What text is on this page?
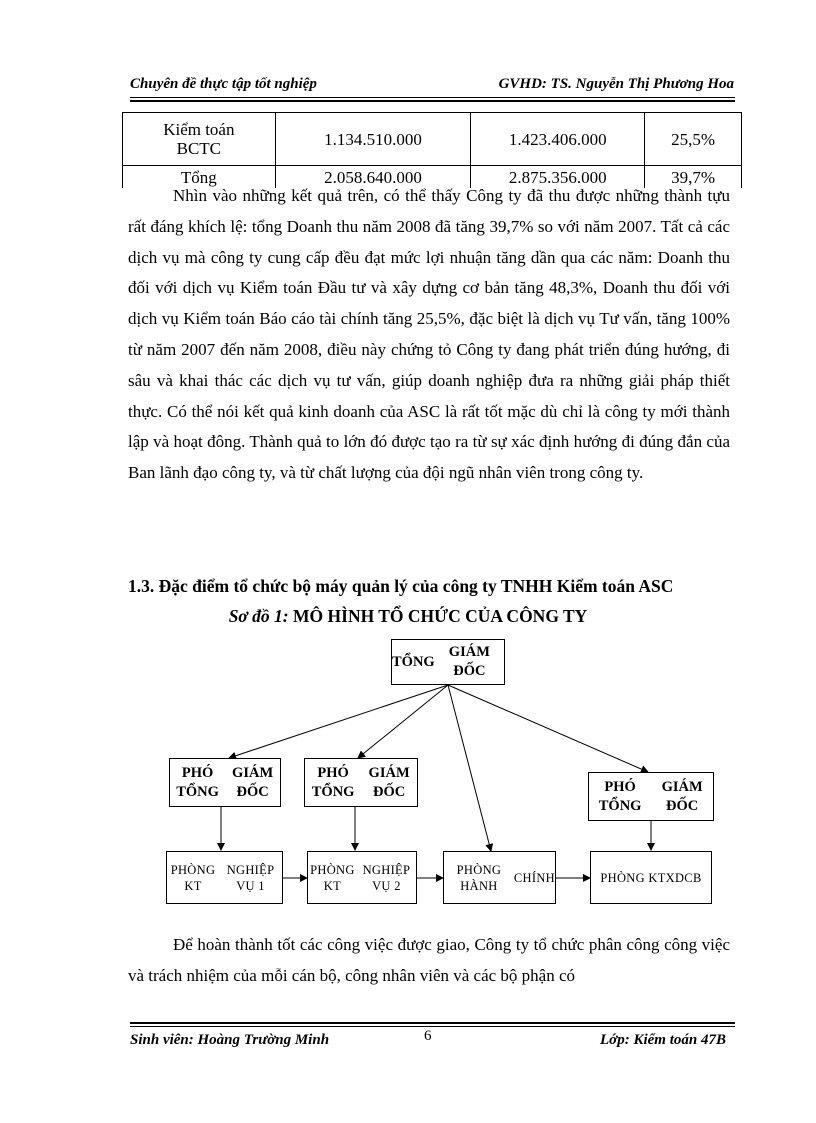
Chuyên đề thực tập tốt nghiệp	GVHD: TS. Nguyễn Thị Phương Hoa
Kiểm toán
BCTC	1.134.510.000	1.423.406.000	25,5%
Tổng	2.058.640.000	2.875.356.000	39,7%
Nhìn vào những kết quả trên, có thể thấy Công ty đã thu được những thành tựu rất đáng khích lệ: tổng Doanh thu năm 2008 đã tăng 39,7% so với năm 2007. Tất cả các dịch vụ mà công ty cung cấp đều đạt mức lợi nhuận tăng dần qua các năm: Doanh thu đối với dịch vụ Kiểm toán Đầu tư và xây dựng cơ bản tăng 48,3%, Doanh thu đối với dịch vụ Kiểm toán Báo cáo tài chính tăng 25,5%, đặc biệt là dịch vụ Tư vấn, tăng 100% từ năm 2007 đến năm 2008, điều này chứng tỏ Công ty đang phát triển đúng hướng, đi sâu và khai thác các dịch vụ tư vấn, giúp doanh nghiệp đưa ra những giải pháp thiết thực. Có thể nói kết quả kinh doanh của ASC là rất tốt mặc dù chỉ là công ty mới thành lập và hoạt đông. Thành quả to lớn đó được tạo ra từ sự xác định hướng đi đúng đắn của Ban lãnh đạo công ty, và từ chất lượng của đội ngũ nhân viên trong công ty.
1.3. Đặc điểm tổ chức bộ máy quản lý của công ty TNHH Kiểm toán ASC
Sơ đồ 1: MÔ HÌNH TỔ CHỨC CỦA CÔNG TY
TỔNG
GIÁM ĐỐC
PHÓ TỔNG
GIÁM ĐỐC
PHÓ TỔNG
GIÁM ĐỐC	PHÓ TỔNG
GIÁM ĐỐC
PHÒNG KT
NGHIỆP VỤ 1
PHÒNG KT
NGHIỆP VỤ 2
PHÒNG HÀNH
CHÍNH	PHÒNG KT XDCB
Để hoàn thành tốt các công việc được giao, Công ty tổ chức phân công công việc và trách nhiệm của mỗi cán bộ, công nhân viên và các bộ phận có
Sinh viên: Hoàng Trường Minh	6	Lớp: Kiểm toán 47B
